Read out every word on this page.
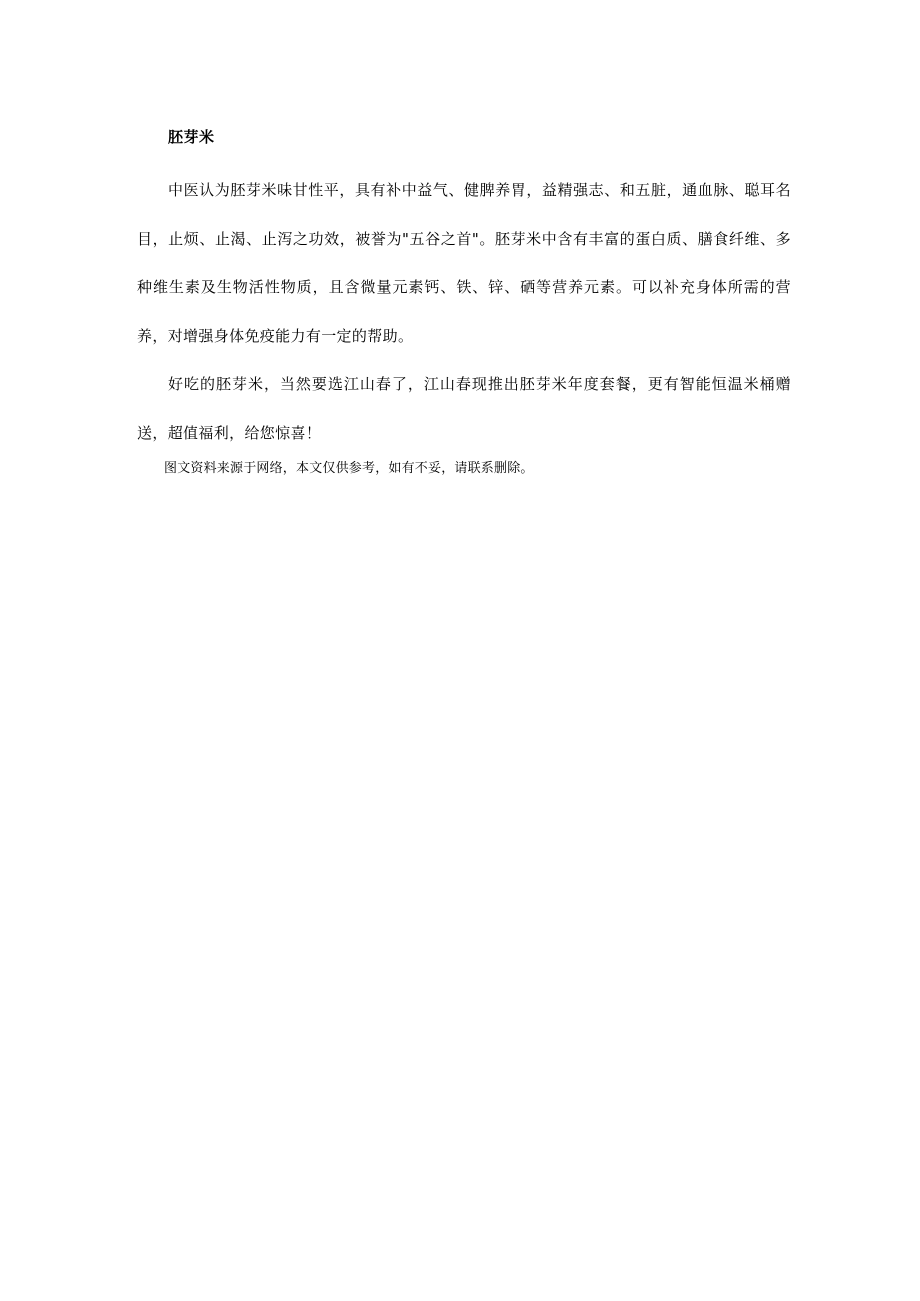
胚芽米

中医认为胚芽米味甘性平，具有补中益气、健脾养胃，益精强志、和五脏，通血脉、聪耳名目，止烦、止渴、止泻之功效，被誉为"五谷之首"。胚芽米中含有丰富的蛋白质、膳食纤维、多种维生素及生物活性物质，且含微量元素钙、铁、锌、硒等营养元素。可以补充身体所需的营养，对增强身体免疫能力有一定的帮助。

好吃的胚芽米，当然要选江山春了，江山春现推出胚芽米年度套餐，更有智能恒温米桶赠送，超值福利，给您惊喜！

图文资料来源于网络，本文仅供参考，如有不妥，请联系删除。
